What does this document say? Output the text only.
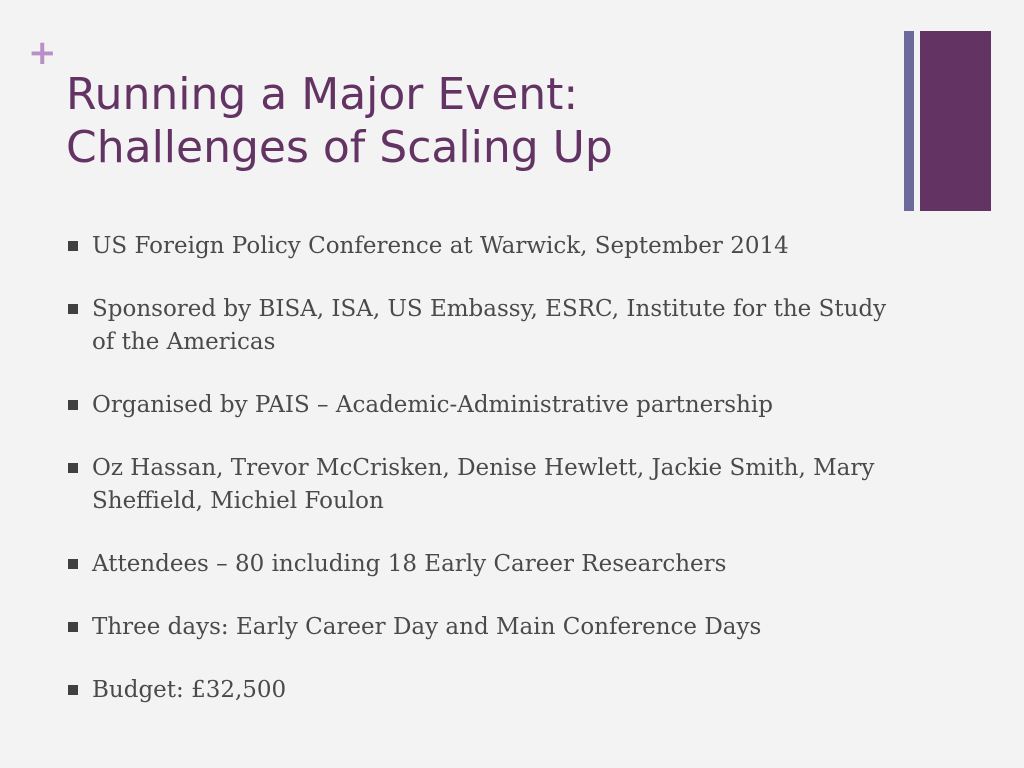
+
Running a Major Event:
Challenges of Scaling Up
US Foreign Policy Conference at Warwick, September 2014
Sponsored by BISA, ISA, US Embassy, ESRC, Institute for the Study of the Americas
Organised by PAIS – Academic-Administrative partnership
Oz Hassan, Trevor McCrisken, Denise Hewlett, Jackie Smith, Mary Sheffield, Michiel Foulon
Attendees – 80 including 18 Early Career Researchers
Three days: Early Career Day and Main Conference Days
Budget: £32,500
